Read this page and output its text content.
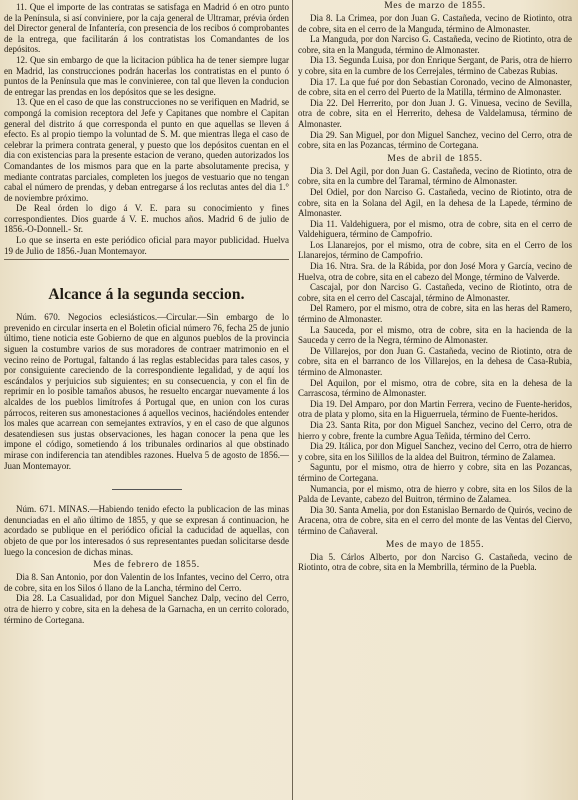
11. Que el importe de las contratas se satisfaga en Madrid ó en otro punto de la Península, si así conviniere, por la caja general de Ultramar, prévia órden del Director general de Infantería, con presencia de los recibos ó comprobantes de la entrega, que facilitarán á los contratistas los Comandantes de los depósitos.

12. Que sin embargo de que la licitacion pública ha de tener siempre lugar en Madrid, las construcciones podrán hacerlas los contratistas en el punto ó puntos de la Península que mas le convinieree, con tal que lleven la conducion de entregar las prendas en los depósitos que se les designe.

13. Que en el caso de que las construcciones no se verifiquen en Madrid, se compongá la comision receptora del Jefe y Capitanes que nombre el Capitan general del distrito á que corresponda el punto en que aquellas se lleven á efecto. Es al propio tiempo la voluntad de S. M. que mientras llega el caso de celebrar la primera contrata general, y puesto que los depósitos cuentan en el dia con existencias para la presente estacion de verano, queden autorizados los Comandantes de los mismos para que en la parte absolutamente precisa, y mediante contratas parciales, completen los juegos de vestuario que no tengan cabal el número de prendas, y deban entregarse á los reclutas antes del dia 1.° de noviembre próximo.

De Real órden lo digo á V. E. para su conocimiento y fines correspondientes. Dios guarde á V. E. muchos años. Madrid 6 de julio de 1856.-O-Donnell.- Sr.

Lo que se inserta en este periódico oficial para mayor publicidad. Huelva 19 de Julio de 1856.-Juan Montemayor.

Alcance á la segunda seccion.

Núm. 670. Negocios eclesiásticos.—Circular.—Sin embargo de lo prevenido en circular inserta en el Boletin oficial número 76, fecha 25 de junio último, tiene noticia este Gobierno de que en algunos pueblos de la provincia siguen la costumbre varios de sus moradores de contraer matrimonio en el vecino reino de Portugal, faltando á las reglas establecidas para tales casos, y por consiguiente careciendo de la correspondiente legalidad, y de aquí los escándalos y perjuicios sub siguientes; en su consecuencia, y con el fin de reprimir en lo posible tamaños abusos, he resuelto encargar nuevamente á los alcaldes de los pueblos limítrofes á Portugal que, en union con los curas párrocos, reiteren sus amonestaciones á aquellos vecinos, haciéndoles entender los males que acarrean con semejantes extravíos, y en el caso de que algunos desatendiesen sus justas observaciones, les hagan conocer la pena que les impone el código, sometiendo á los tribunales ordinarios al que obstinado mirase con indiferencia tan atendibles razones. Huelva 5 de agosto de 1856.—Juan Montemayor.

Núm. 671. MINAS.—Habiendo tenido efecto la publicacion de las minas denunciadas en el año último de 1855, y que se expresan á continuacion, he acordado se publique en el periódico oficial la caducidad de aquellas, con objeto de que por los interesados ó sus representantes puedan solicitarse desde luego la concesion de dichas minas.

Mes de febrero de 1855.

Dia 8. San Antonio, por don Valentin de los Infantes, vecino del Cerro, otra de cobre, sita en los Silos ó llano de la Lancha, término del Cerro.

Dia 28. La Casualidad, por don Miguel Sanchez Dalp, vecino del Cerro, otra de hierro y cobre, sita en la dehesa de la Garnacha, en un cerrito colorado, término de Cortegana.

Mes de marzo de 1855.

Dia 8. La Crimea, por don Juan G. Castañeda, vecino de Riotinto, otra de cobre, sita en el cerro de la Manguda, término de Almonaster.

La Manguda, por don Narciso G. Castañeda, vecino de Riotinto, otra de cobre, sita en la Manguda, término de Almonaster.

Dia 13. Segunda Luisa, por don Enrique Sergant, de Paris, otra de hierro y cobre, sita en la cumbre de los Cerrejales, término de Cabezas Rubias.

Dia 17. La que fué por don Sebastian Coronado, vecino de Almonaster, de cobre, sita en el cerro del Puerto de la Matilla, término de Almonaster.

Dia 22. Del Herrerito, por don Juan J. G. Vinuesa, vecino de Sevilla, otra de cobre, sita en el Herrerito, dehesa de Valdelamusa, término de Almonaster.

Dia 29. San Miguel, por don Miguel Sanchez, vecino del Cerro, otra de cobre, sita en las Pozancas, término de Cortegana.

Mes de abril de 1855.

Dia 3. Del Agil, por don Juan G. Castañeda, vecino de Riotinto, otra de cobre, sita en la cumbre del Taramal, término de Almonaster.

Del Odiel, por don Narciso G. Castañeda, vecino de Riotinto, otra de cobre, sita en la Solana del Agil, en la dehesa de la Lapede, término de Almonaster.

Dia 11. Valdehiguera, por el mismo, otra de cobre, sita en el cerro de Valdehiguera, término de Campofrio.

Los Llanarejos, por el mismo, otra de cobre, sita en el Cerro de los Llanarejos, término de Campofrio.

Dia 16. Ntra. Sra. de la Rábida, por don José Mora y García, vecino de Huelva, otra de cobre, sita en el cabezo del Monge, término de Valverde.

Cascajal, por don Narciso G. Castañeda, vecino de Riotinto, otra de cobre, sita en el cerro del Cascajal, término de Almonaster.

Del Ramero, por el mismo, otra de cobre, sita en las heras del Ramero, término de Almonaster.

La Sauceda, por el mismo, otra de cobre, sita en la hacienda de la Sauceda y cerro de la Negra, término de Almonaster.

De Villarejos, por don Juan G. Castañeda, vecino de Riotinto, otra de cobre, sita en el barranco de los Villarejos, en la dehesa de Casa-Rubia, término de Almonaster.

Del Aquilon, por el mismo, otra de cobre, sita en la dehesa de la Carrascosa, término de Almonaster.

Dia 19. Del Amparo, por don Martin Ferrera, vecino de Fuente-heridos, otra de plata y plomo, sita en la Higuerruela, término de Fuente-heridos.

Dia 23. Santa Rita, por don Miguel Sanchez, vecino del Cerro, otra de hierro y cobre, frente la cumbre Agua Teñida, término del Cerro.

Dia 29. Itálica, por don Miguel Sanchez, vecino del Cerro, otra de hierro y cobre, sita en los Silillos de la aldea del Buitron, término de Zalamea.

Saguntu, por el mismo, otra de hierro y cobre, sita en las Pozancas, término de Cortegana.

Numancia, por el mismo, otra de hierro y cobre, sita en los Silos de la Palda de Levante, cabezo del Buitron, término de Zalamea.

Dia 30. Santa Amelia, por don Estanislao Bernardo de Quirós, vecino de Aracena, otra de cobre, sita en el cerro del monte de las Ventas del Ciervo, término de Cañaveral.

Mes de mayo de 1855.

Dia 5. Cárlos Alberto, por don Narciso G. Castañeda, vecino de Riotinto, otra de cobre, sita en la Membrilla, término de la Puebla.
